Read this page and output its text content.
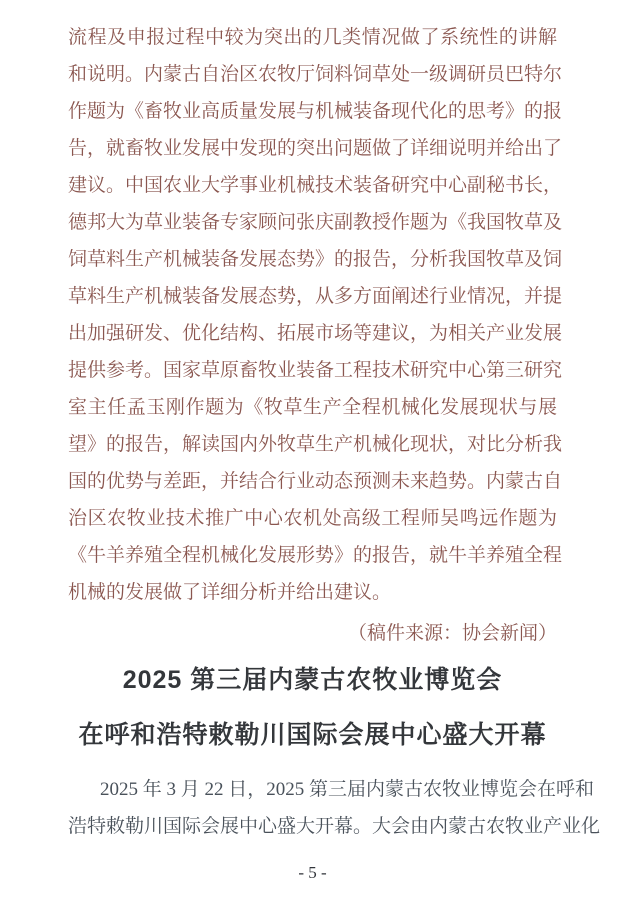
流程及申报过程中较为突出的几类情况做了系统性的讲解
和说明。内蒙古自治区农牧厅饲料饲草处一级调研员巴特尔
作题为《畜牧业高质量发展与机械装备现代化的思考》的报
告，就畜牧业发展中发现的突出问题做了详细说明并给出了
建议。中国农业大学事业机械技术装备研究中心副秘书长，
德邦大为草业装备专家顾问张庆副教授作题为《我国牧草及
饲草料生产机械装备发展态势》的报告，分析我国牧草及饲
草料生产机械装备发展态势，从多方面阐述行业情况，并提
出加强研发、优化结构、拓展市场等建议，为相关产业发展
提供参考。国家草原畜牧业装备工程技术研究中心第三研究
室主任孟玉刚作题为《牧草生产全程机械化发展现状与展
望》的报告，解读国内外牧草生产机械化现状，对比分析我
国的优势与差距，并结合行业动态预测未来趋势。内蒙古自
治区农牧业技术推广中心农机处高级工程师吴鸣远作题为
《牛羊养殖全程机械化发展形势》的报告，就牛羊养殖全程
机械的发展做了详细分析并给出建议。
（稿件来源：协会新闻）
2025 第三届内蒙古农牧业博览会
在呼和浩特敕勒川国际会展中心盛大开幕
2025 年 3 月 22 日，2025 第三届内蒙古农牧业博览会在呼和
浩特敕勒川国际会展中心盛大开幕。大会由内蒙古农牧业产业化
- 5 -
